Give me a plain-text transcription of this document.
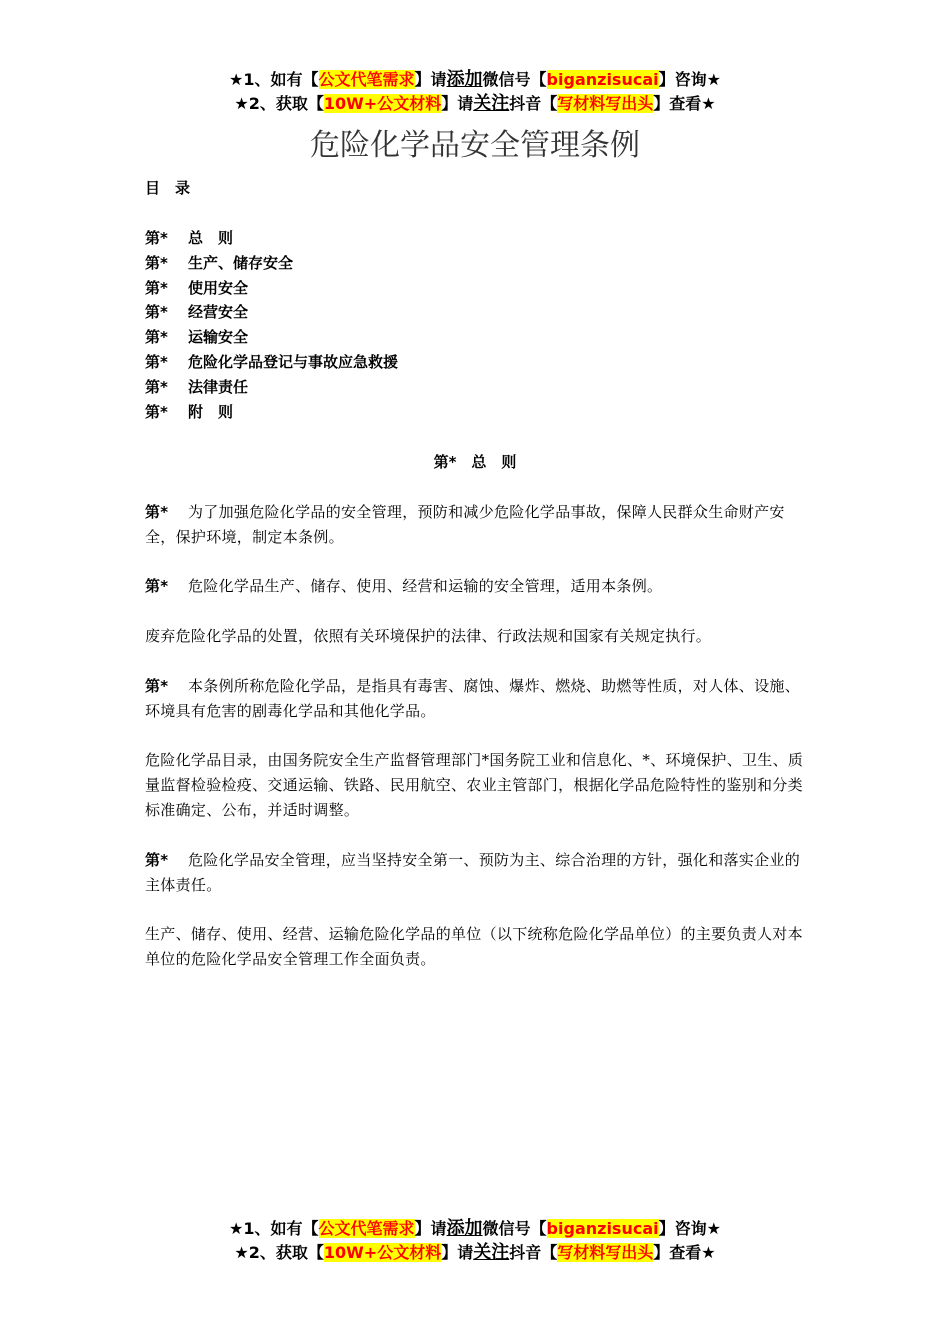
★1、如有【公文代笔需求】请添加微信号【biganzisucai】咨询★
★2、获取【10W+公文材料】请关注抖音【写材料写出头】查看★
危险化学品安全管理条例
目　录
第* 总　则
第* 生产、储存安全
第* 使用安全
第* 经营安全
第* 运输安全
第* 危险化学品登记与事故应急救援
第* 法律责任
第* 附　则
第*　总　则
第* 为了加强危险化学品的安全管理，预防和减少危险化学品事故，保障人民群众生命财产安全，保护环境，制定本条例。
第* 危险化学品生产、储存、使用、经营和运输的安全管理，适用本条例。
废弃危险化学品的处置，依照有关环境保护的法律、行政法规和国家有关规定执行。
第* 本条例所称危险化学品，是指具有毒害、腐蚀、爆炸、燃烧、助燃等性质，对人体、设施、环境具有危害的剧毒化学品和其他化学品。
危险化学品目录，由国务院安全生产监督管理部门*国务院工业和信息化、*、环境保护、卫生、质量监督检验检疫、交通运输、铁路、民用航空、农业主管部门，根据化学品危险特性的鉴别和分类标准确定、公布，并适时调整。
第* 危险化学品安全管理，应当坚持安全第一、预防为主、综合治理的方针，强化和落实企业的主体责任。
生产、储存、使用、经营、运输危险化学品的单位（以下统称危险化学品单位）的主要负责人对本单位的危险化学品安全管理工作全面负责。
★1、如有【公文代笔需求】请添加微信号【biganzisucai】咨询★
★2、获取【10W+公文材料】请关注抖音【写材料写出头】查看★
